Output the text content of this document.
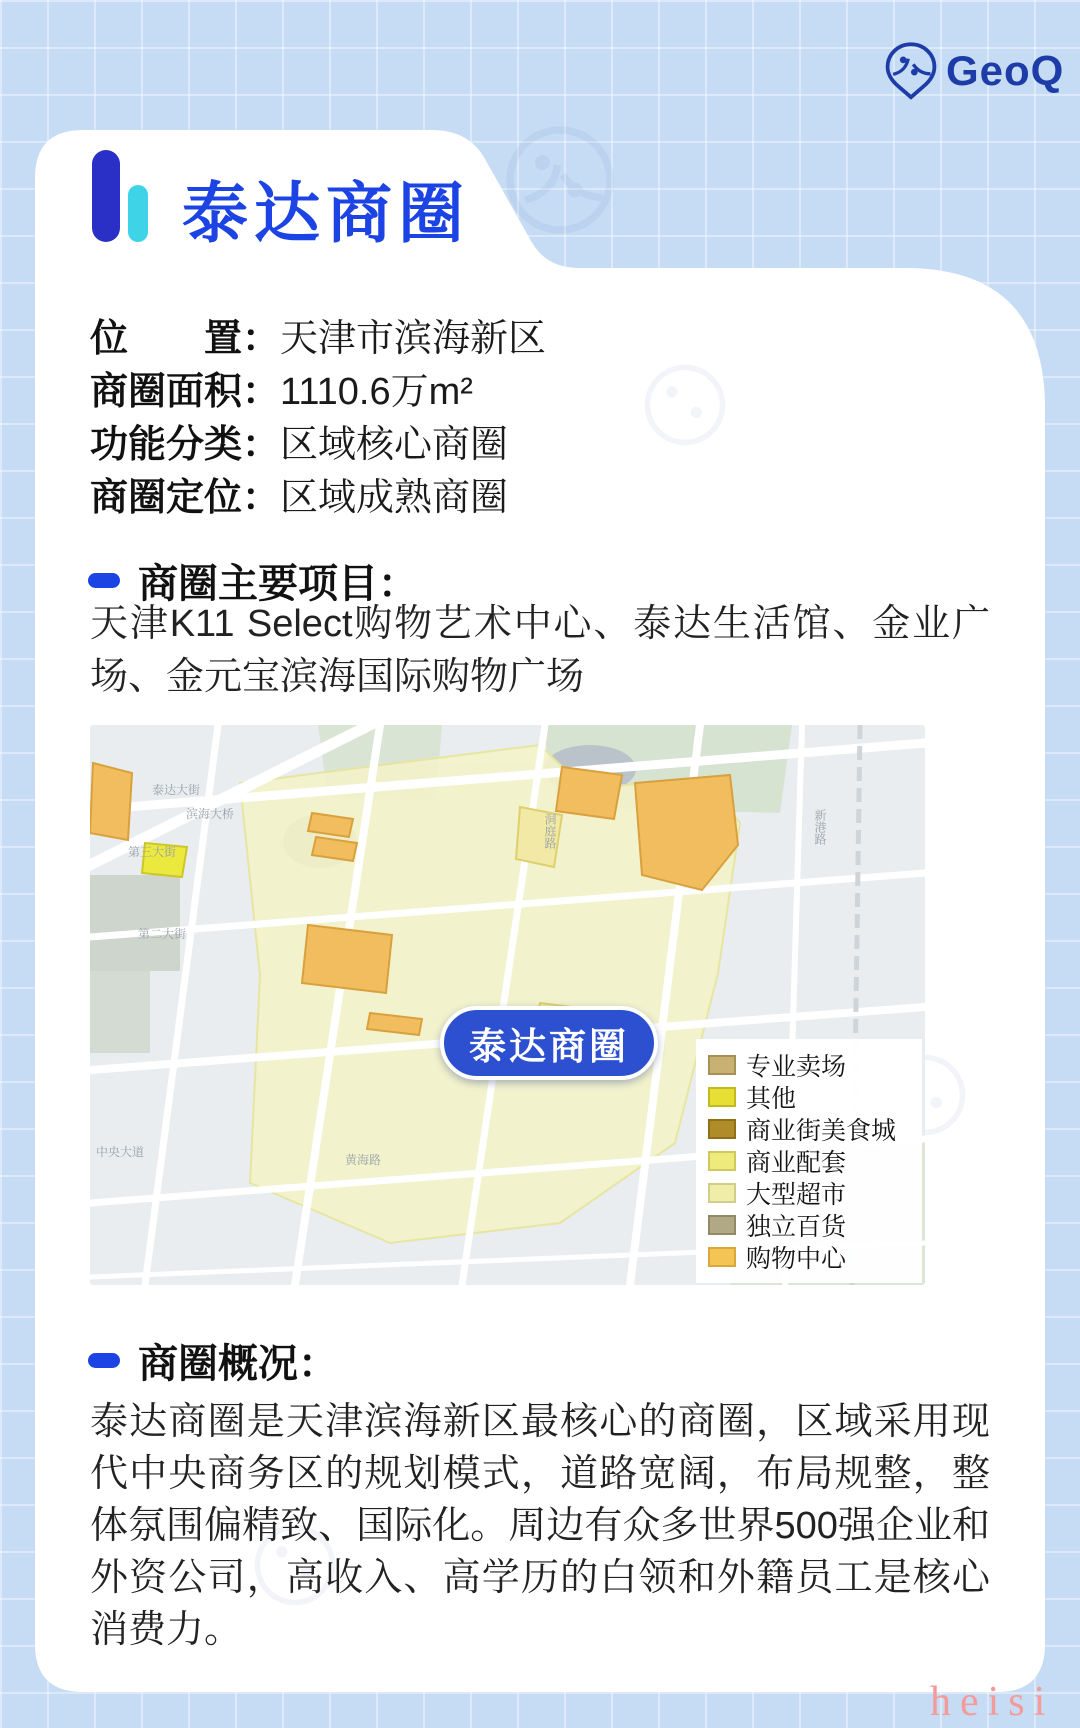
GeoQ
泰达商圈
位　　置： 天津市滨海新区
商圈面积： 1110.6万m²
功能分类： 区域核心商圈
商圈定位： 区域成熟商圈
商圈主要项目：
天津K11 Select购物艺术中心、泰达生活馆、金业广场、金元宝滨海国际购物广场
泰达大街
滨海大桥
第三大街
第二大街
洞庭路	新港路
中央大道
黄海路
泰达商圈	专业卖场
其他
商业街美食城
商业配套
大型超市
独立百货
购物中心
商圈概况：
泰达商圈是天津滨海新区最核心的商圈，区域采用现代中央商务区的规划模式，道路宽阔，布局规整，整体氛围偏精致、国际化。周边有众多世界500强企业和外资公司，高收入、高学历的白领和外籍员工是核心消费力。
heisi
